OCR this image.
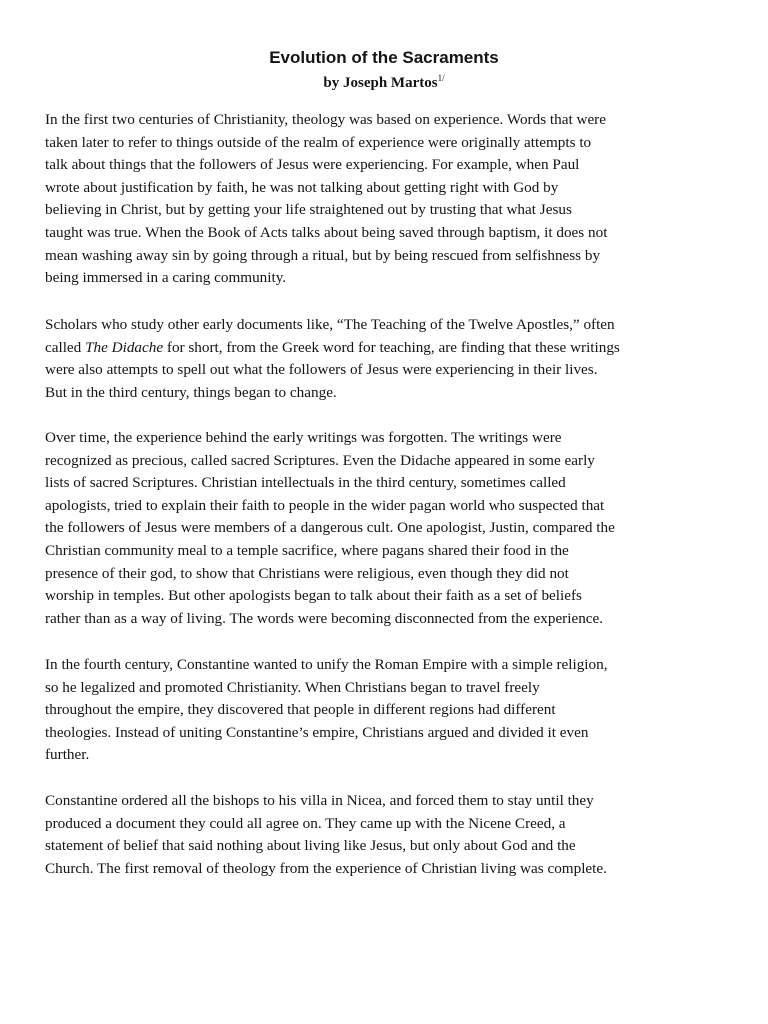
Evolution of the Sacraments

by Joseph Martos$^{1/}$

In the first two centuries of Christianity, theology was based on experience. Words that were
taken later to refer to things outside of the realm of experience were originally attempts to
talk about things that the followers of Jesus were experiencing. For example, when Paul
wrote about justification by faith, he was not talking about getting right with God by
believing in Christ, but by getting your life straightened out by trusting that what Jesus
taught was true. When the Book of Acts talks about being saved through baptism, it does not
mean washing away sin by going through a ritual, but by being rescued from selfishness by
being immersed in a caring community.

Scholars who study other early documents like, “The Teaching of the Twelve Apostles,” often
called The Didache for short, from the Greek word for teaching, are finding that these writings
were also attempts to spell out what the followers of Jesus were experiencing in their lives.
But in the third century, things began to change.

Over time, the experience behind the early writings was forgotten. The writings were
recognized as precious, called sacred Scriptures. Even the Didache appeared in some early
lists of sacred Scriptures. Christian intellectuals in the third century, sometimes called
apologists, tried to explain their faith to people in the wider pagan world who suspected that
the followers of Jesus were members of a dangerous cult. One apologist, Justin, compared the
Christian community meal to a temple sacrifice, where pagans shared their food in the
presence of their god, to show that Christians were religious, even though they did not
worship in temples. But other apologists began to talk about their faith as a set of beliefs
rather than as a way of living. The words were becoming disconnected from the experience.

In the fourth century, Constantine wanted to unify the Roman Empire with a simple religion,
so he legalized and promoted Christianity. When Christians began to travel freely
throughout the empire, they discovered that people in different regions had different
theologies. Instead of uniting Constantine’s empire, Christians argued and divided it even
further.

Constantine ordered all the bishops to his villa in Nicea, and forced them to stay until they
produced a document they could all agree on. They came up with the Nicene Creed, a
statement of belief that said nothing about living like Jesus, but only about God and the
Church. The first removal of theology from the experience of Christian living was complete.
